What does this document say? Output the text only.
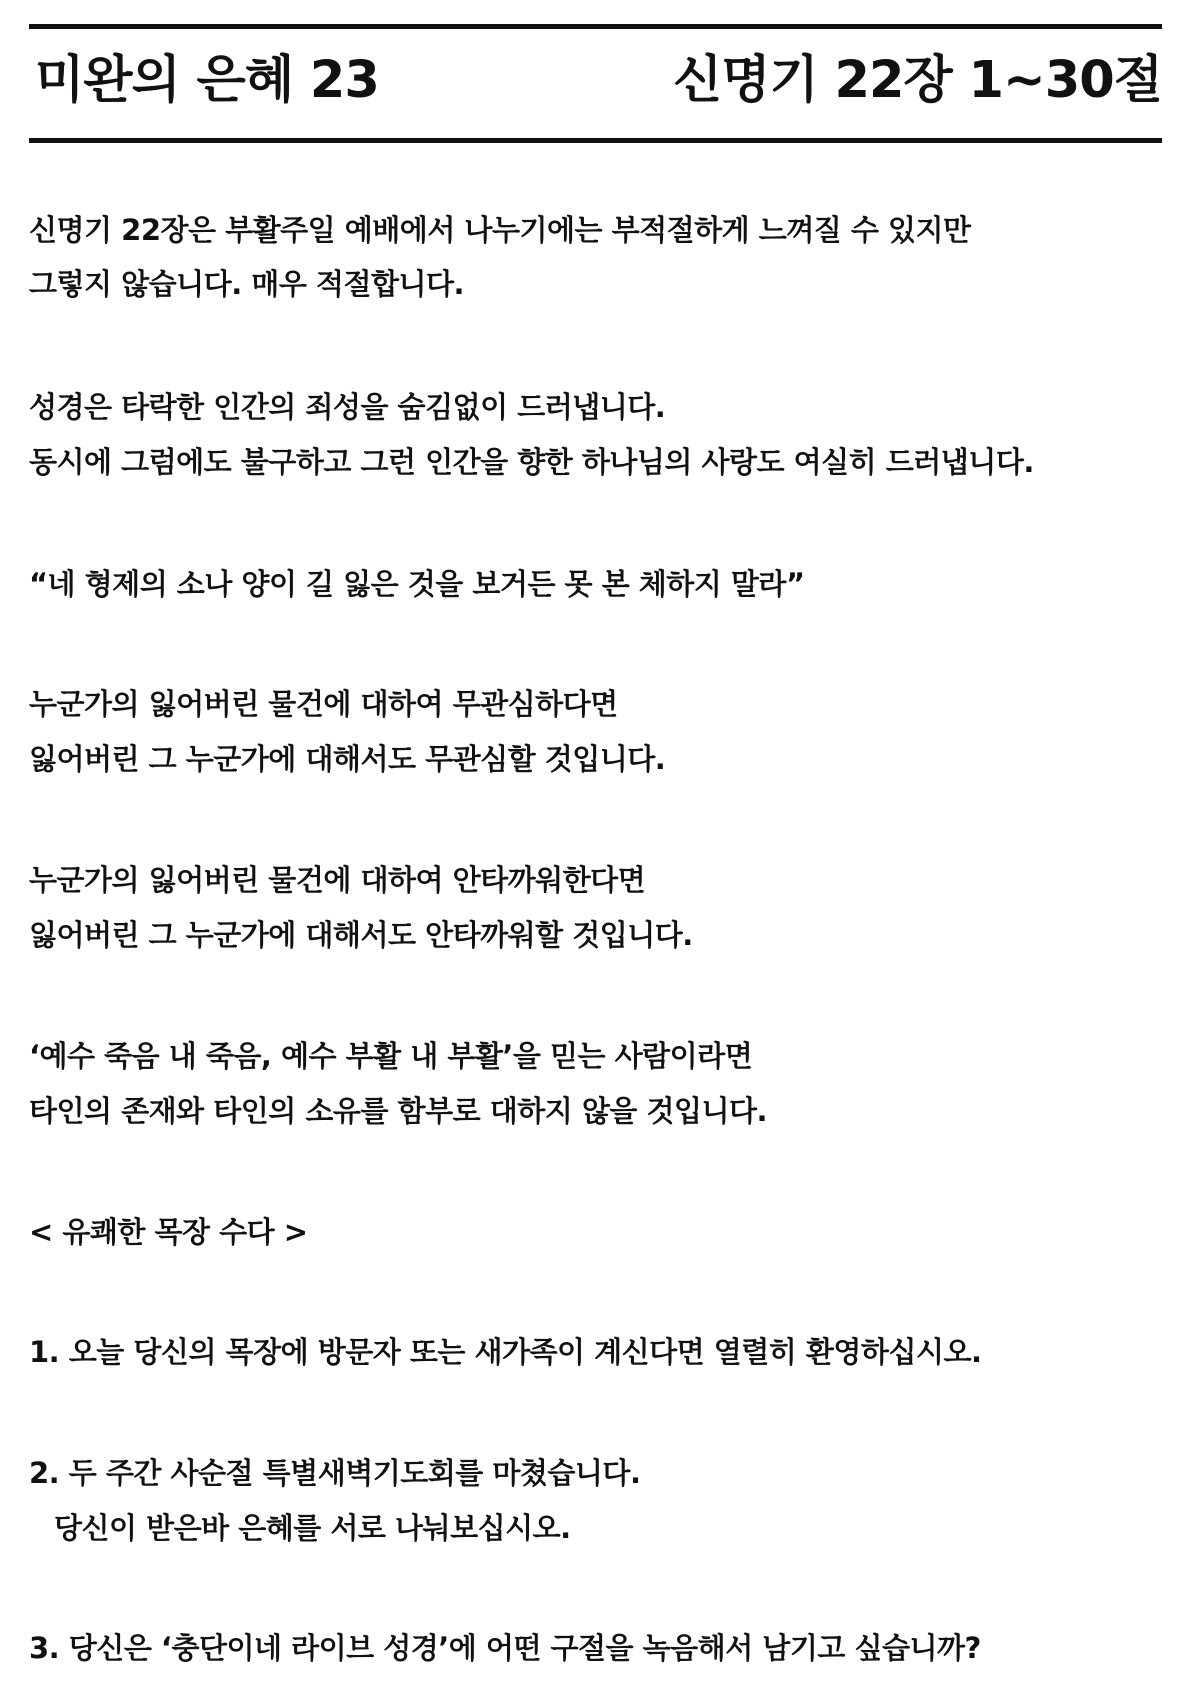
미완의 은혜 23	신명기 22장 1~30절
신명기 22장은 부활주일 예배에서 나누기에는 부적절하게 느껴질 수 있지만
그렇지 않습니다. 매우 적절합니다.
성경은 타락한 인간의 죄성을 숨김없이 드러냅니다.
동시에 그럼에도 불구하고 그런 인간을 향한 하나님의 사랑도 여실히 드러냅니다.
“네 형제의 소나 양이 길 잃은 것을 보거든 못 본 체하지 말라”
누군가의 잃어버린 물건에 대하여 무관심하다면
잃어버린 그 누군가에 대해서도 무관심할 것입니다.
누군가의 잃어버린 물건에 대하여 안타까워한다면
잃어버린 그 누군가에 대해서도 안타까워할 것입니다.
‘예수 죽음 내 죽음, 예수 부활 내 부활’을 믿는 사람이라면
타인의 존재와 타인의 소유를 함부로 대하지 않을 것입니다.
< 유쾌한 목장 수다 >
1. 오늘 당신의 목장에 방문자 또는 새가족이 계신다면 열렬히 환영하십시오.
2. 두 주간 사순절 특별새벽기도회를 마쳤습니다.
당신이 받은바 은혜를 서로 나눠보십시오.
3. 당신은 ‘충단이네 라이브 성경’에 어떤 구절을 녹음해서 남기고 싶습니까?
